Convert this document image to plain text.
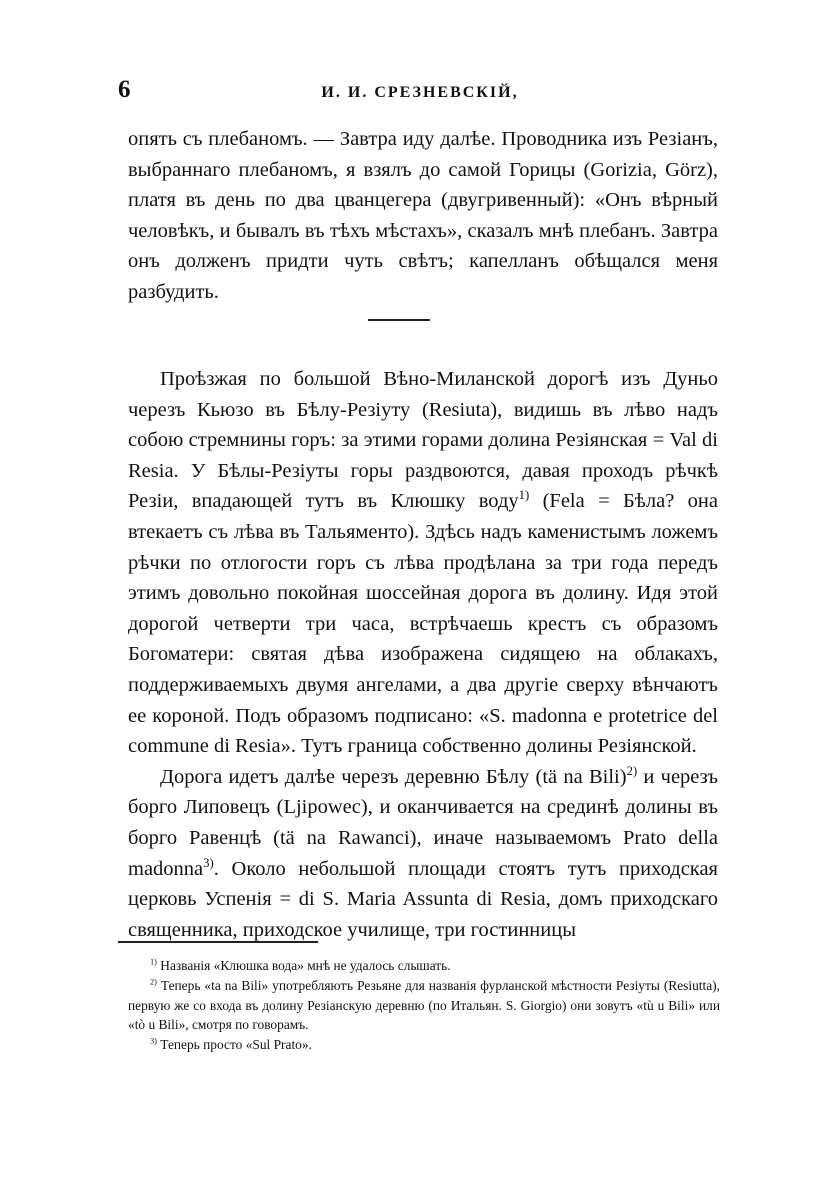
6	И. И. СРЕЗНЕВСКІЙ,

опять съ плебаномъ. — Завтра иду далѣе. Проводника изъ Резіанъ, выбраннаго плебаномъ, я взялъ до самой Горицы (Gorizia, Görz), платя въ день по два цванцегера (двугривенный): «Онъ вѣрный человѣкъ, и бывалъ въ тѣхъ мѣстахъ», сказалъ мнѣ плебанъ. Завтра онъ долженъ придти чуть свѣтъ; капелланъ обѣщался меня разбудить.

Проѣзжая по большой Вѣно-Миланской дорогѣ изъ Дуньо черезъ Кьюзо въ Бѣлу-Резіуту (Resiuta), видишь въ лѣво надъ собою стремнины горъ: за этими горами долина Резіянская = Val di Resia. У Бѣлы-Резіуты горы раздвоются, давая проходъ рѣчкѣ Резіи, впадающей тутъ въ Клюшку воду$^{1)}$ (Fela = Бѣла? она втекаетъ съ лѣва въ Тальяменто). Здѣсь надъ каменистымъ ложемъ рѣчки по отлогости горъ съ лѣва продѣлана за три года передъ этимъ довольно покойная шоссейная дорога въ долину. Идя этой дорогой четверти три часа, встрѣчаешь крестъ съ образомъ Богоматери: святая дѣва изображена сидящею на облакахъ, поддерживаемыхъ двумя ангелами, а два другіе сверху вѣнчаютъ ее короной. Подъ образомъ подписано: «S. madonna e protetrice del commune di Resia». Тутъ граница собственно долины Резіянской.

Дорога идетъ далѣе черезъ деревню Бѣлу (tä na Bili)$^{2)}$ и черезъ борго Липовецъ (Ljipowec), и оканчивается на срединѣ долины въ борго Равенцѣ (tä na Rawanci), иначе называемомъ Prato della madonna$^{3)}$. Около небольшой площади стоятъ тутъ приходская церковь Успенія = di S. Maria Assunta di Resia, домъ приходскаго священника, приходское училище, три гостинницы

$^{1)}$ Названія «Клюшка вода» мнѣ не удалось слышать.

$^{2)}$ Теперь «ta na Bili» употребляютъ Резьяне для названія фурланской мѣстности Резіуты (Resiutta), первую же со входа въ долину Резіанскую деревню (по Итальян. S. Giorgio) они зовутъ «tù u Bili» или «tò u Bili», смотря по говорамъ.

$^{3)}$ Теперь просто «Sul Prato».
